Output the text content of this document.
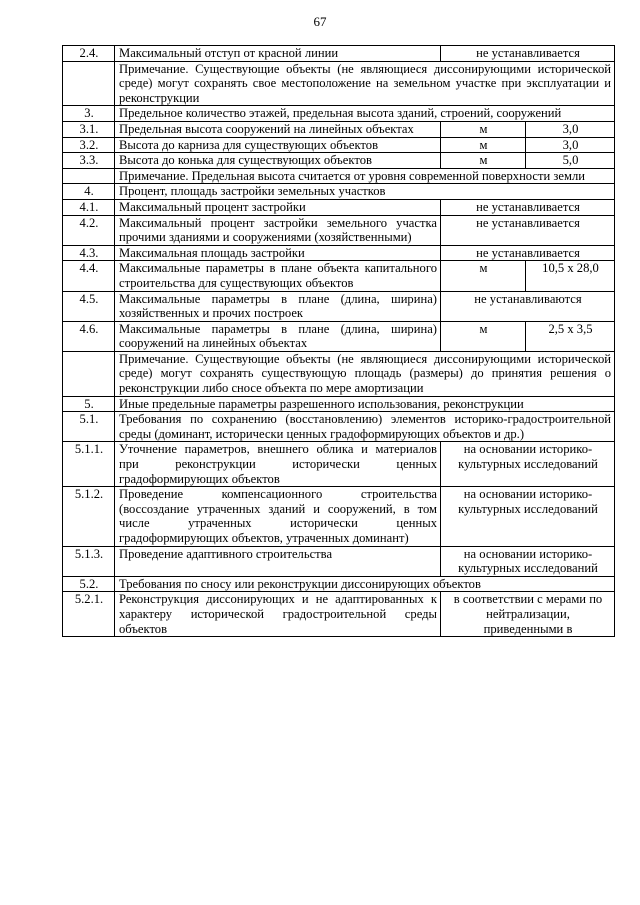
67
2.4.	Максимальный отступ от красной линии	не устанавливается	
	Примечание. Существующие объекты (не являющиеся диссонирующими исторической среде) могут сохранять свое местоположение на земельном участке при эксплуатации и реконструкции		
3.	Предельное количество этажей, предельная высота зданий, строений, сооружений		
3.1.	Предельная высота сооружений на линейных объектах	м	3,0
3.2.	Высота до карниза для существующих объектов	м	3,0
3.3.	Высота до конька для существующих объектов	м	5,0
	Примечание. Предельная высота считается от уровня современной поверхности земли		
4.	Процент, площадь застройки земельных участков		
4.1.	Максимальный процент застройки	не устанавливается	
4.2.	Максимальный процент застройки земельного участка прочими зданиями и сооружениями (хозяйственными)	не устанавливается	
4.3.	Максимальная площадь застройки	не устанавливается	
4.4.	Максимальные параметры в плане объекта капитального строительства для существующих объектов	м	10,5 х 28,0
4.5.	Максимальные параметры в плане (длина, ширина) хозяйственных и прочих построек	не устанавливаются	
4.6.	Максимальные параметры в плане (длина, ширина) сооружений на линейных объектах	м	2,5 х 3,5
	Примечание. Существующие объекты (не являющиеся диссонирующими исторической среде) могут сохранять существующую площадь (размеры) до принятия решения о реконструкции либо сносе объекта по мере амортизации		
5.	Иные предельные параметры разрешенного использования, реконструкции		
5.1.	Требования по сохранению (восстановлению) элементов историко-градостроительной среды (доминант, исторически ценных градоформирующих объектов и др.)		
5.1.1.	Уточнение параметров, внешнего облика и материалов при реконструкции исторически ценных градоформирующих объектов	на основании историко-культурных исследований	
5.1.2.	Проведение компенсационного строительства (воссоздание утраченных зданий и сооружений, в том числе утраченных исторически ценных градоформирующих объектов, утраченных доминант)	на основании историко-культурных исследований	
5.1.3.	Проведение адаптивного строительства	на основании историко-культурных исследований	
5.2.	Требования по сносу или реконструкции диссонирующих объектов		
5.2.1.	Реконструкция диссонирующих и не адаптированных к характеру исторической градостроительной среды объектов	в соответствии с мерами по нейтрализации, приведенными в	
